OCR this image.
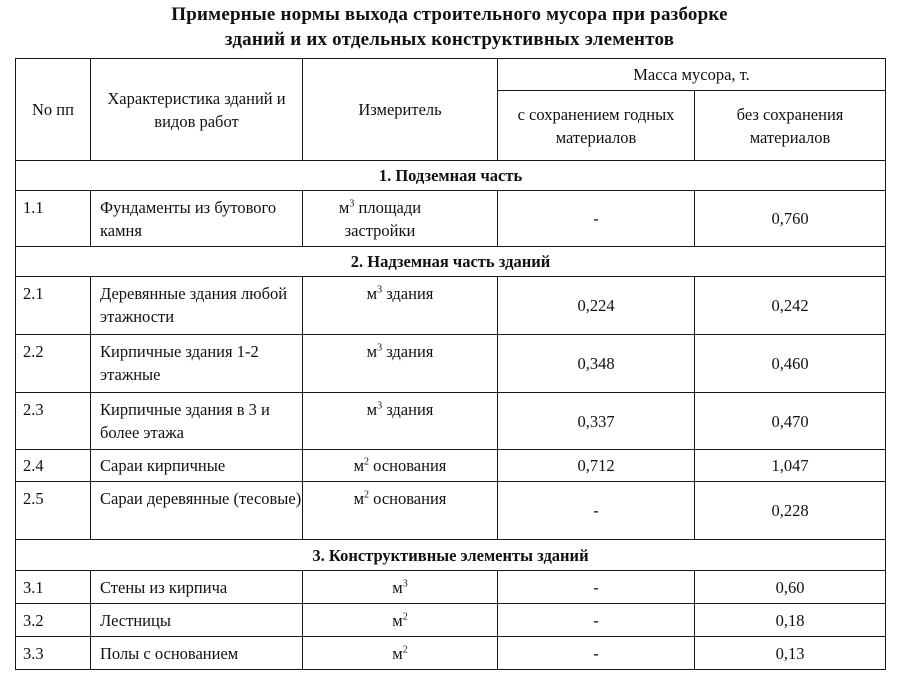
Примерные нормы выхода строительного мусора при разборке
зданий и их отдельных конструктивных элементов
No пп	Характеристика зданий и видов работ	Измеритель	Масса мусора, т.	
			с сохранением годных материалов	без сохранения материалов
1. Подземная часть				
1.1	Фундаменты из бутового камня	$м^3$ площади застройки	-	0,760
2. Надземная часть зданий				
2.1	Деревянные здания любой этажности	$м^3$ здания	0,224	0,242
2.2	Кирпичные здания 1-2 этажные	$м^3$ здания	0,348	0,460
2.3	Кирпичные здания в 3 и более этажа	$м^3$ здания	0,337	0,470
2.4	Сараи кирпичные	$м^2$ основания	0,712	1,047
2.5	Сараи деревянные (тесовые)	$м^2$ основания	-	0,228
3. Конструктивные элементы зданий				
3.1	Стены из кирпича	$м^3$	-	0,60
3.2	Лестницы	$м^2$	-	0,18
3.3	Полы с основанием	$м^2$	-	0,13
